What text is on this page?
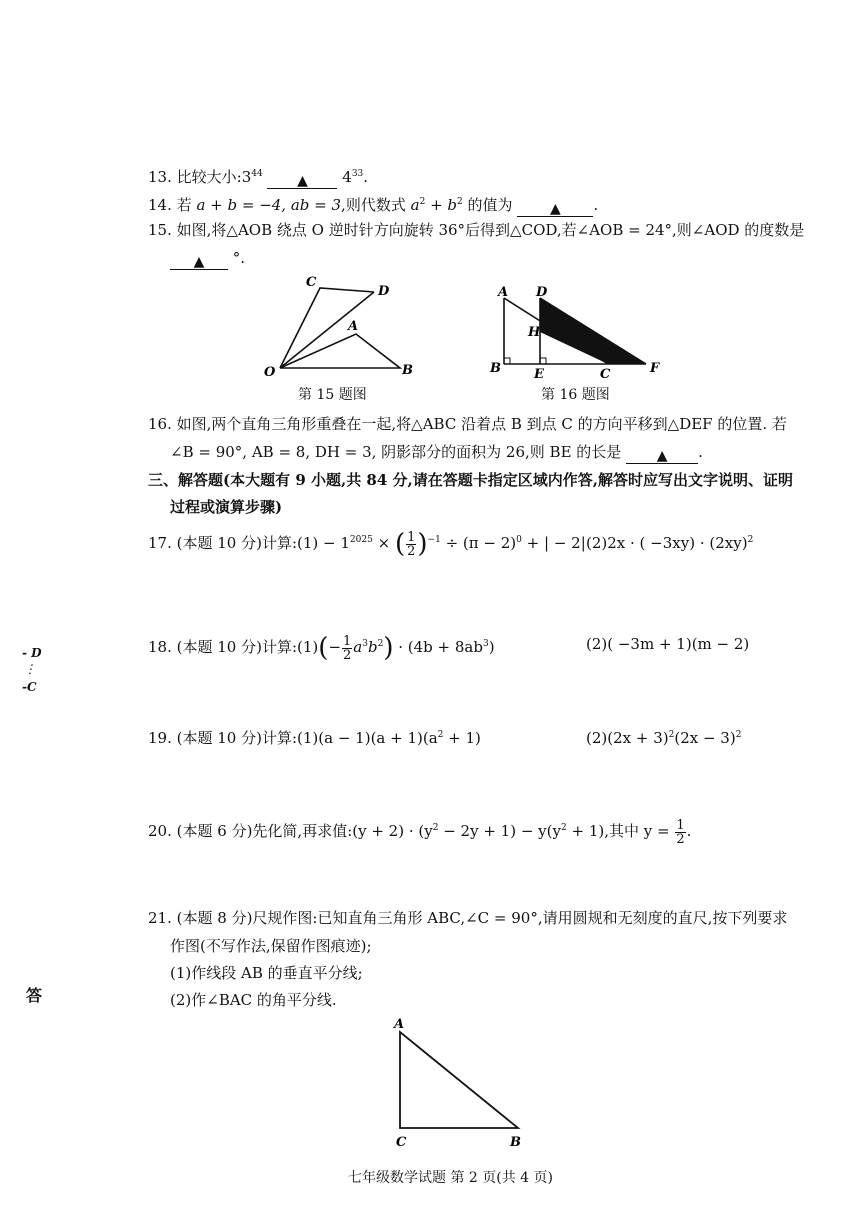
13. 比较大小$:3^{44}$ ▲ $4^{33}$.
14. 若 a + b = −4, ab = 3,则代数式 $a^2 + b^2$ 的值为	▲ .
15. 如图,将△AOB 绕点 O 逆时针方向旋转 36°后得到△COD,若∠AOB = 24°,则∠AOD 的度数是
▲ °.
C
D
A
O	B
第 15 题图
A D
H
B	E	C	F
第 16 题图
16. 如图,两个直角三角形重叠在一起,将△ABC 沿着点 B 到点 C 的方向平移到△DEF 的位置. 若
∠B = 90°, AB = 8, DH = 3, 阴影部分的面积为 26,则 BE 的长是	▲ .
三、解答题(本大题有 9 小题,共 84 分,请在答题卡指定区域内作答,解答时应写出文字说明、证明
过程或演算步骤)
17. (本题 10 分)计算:(1) − $1^{2025}$ × ( $\frac{1}{2} )^{-1} \div (\pi - 2)^0$ + | − 2| (2)2x · ( $-3xy) \cdot (2xy)^2$
18. (本题 10 分)计算:(1)(− $\frac{1}{2} a^3b^2) \cdot (4b + 8ab^3)$	(2)( −3m + 1)(m − 2)
19. (本题 10 分)计算:(1)(a − $1)(a + 1)(a^2 + 1)$	$(2)(2x + 3)^2(2x - 3)^2$
20. (本题 6 分)先化简,再求值:(y + $2) \cdot (y^2 - 2y + 1) - y(y^2 + 1)$,其中 $y = \frac{1}{2}$ .
21. (本题 8 分)尺规作图:已知直角三角形 ABC,∠C = 90°,请用圆规和无刻度的直尺,按下列要求
作图(不写作法,保留作图痕迹);
(1)作线段 AB 的垂直平分线;
(2)作∠BAC 的角平分线.
A
C	B
- D
⋮
-C
答
七年级数学试题 第 2 页(共 4 页)
